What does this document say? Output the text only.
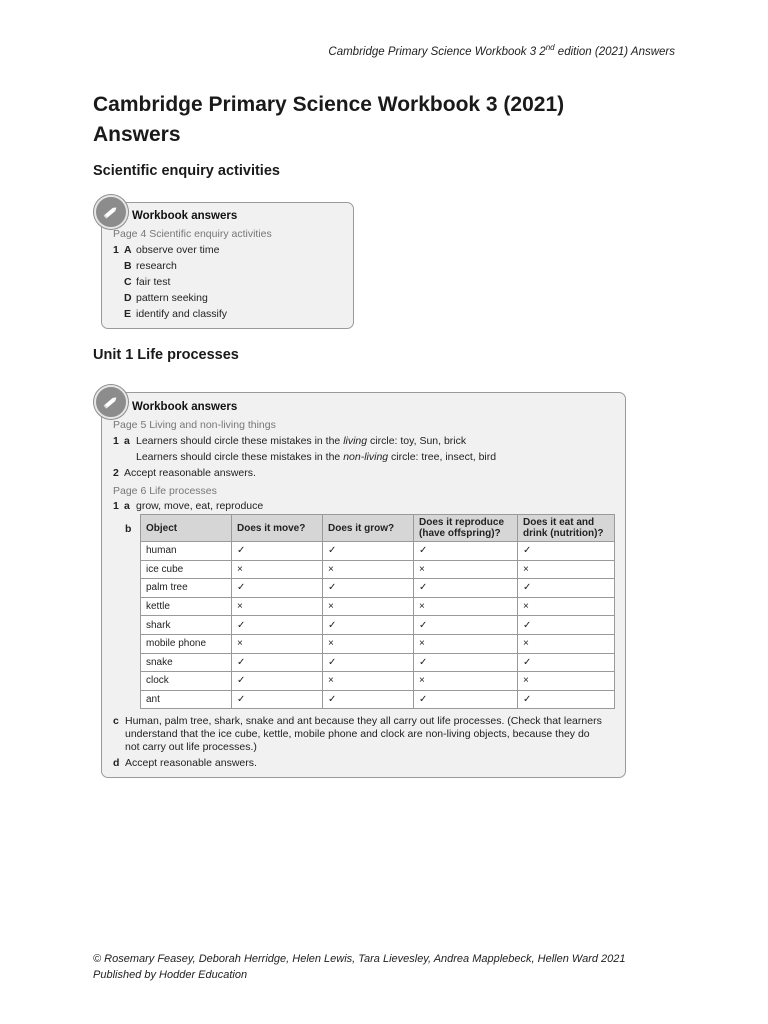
Cambridge Primary Science Workbook 3 2nd edition (2021) Answers
Cambridge Primary Science Workbook 3 (2021) Answers
Scientific enquiry activities
Workbook answers
Page 4 Scientific enquiry activities
1 A observe over time
B research
C fair test
D pattern seeking
E identify and classify
Unit 1 Life processes
Workbook answers
Page 5 Living and non-living things
1 a Learners should circle these mistakes in the living circle: toy, Sun, brick
Learners should circle these mistakes in the non-living circle: tree, insect, bird
2 Accept reasonable answers.
Page 6 Life processes
1 a grow, move, eat, reproduce
b	Object	Does it move?	Does it grow?	Does it reproduce (have offspring)?	Does it eat and drink (nutrition)?
human	✓	✓	✓	✓
ice cube	×	×	×	×
palm tree	✓	✓	✓	✓
kettle	×	×	×	×
shark	✓	✓	✓	✓
mobile phone	×	×	×	×
snake	✓	✓	✓	✓
clock	✓	×	×	×
ant	✓	✓	✓	✓
c Human, palm tree, shark, snake and ant because they all carry out life processes. (Check that learners
understand that the ice cube, kettle, mobile phone and clock are non-living objects, because they do
not carry out life processes.)
d Accept reasonable answers.
© Rosemary Feasey, Deborah Herridge, Helen Lewis, Tara Lievesley, Andrea Mapplebeck, Hellen Ward 2021
Published by Hodder Education
